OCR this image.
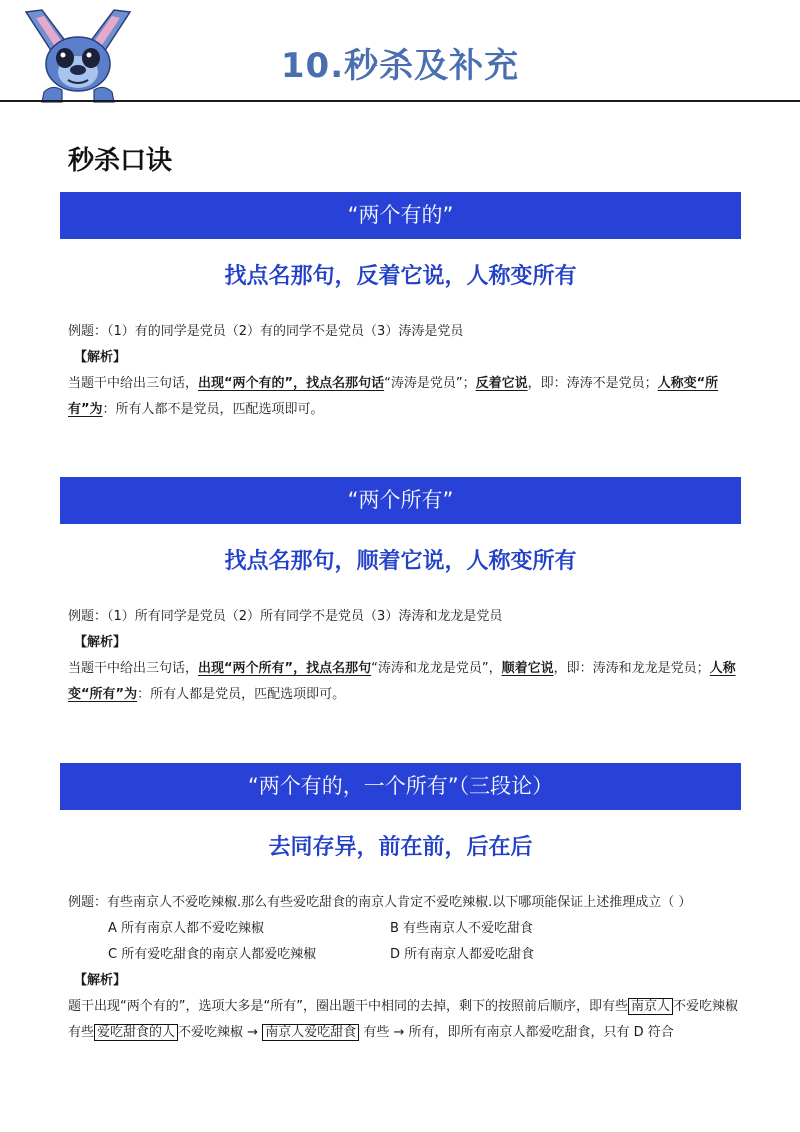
10.秒杀及补充
秒杀口诀
“两个有的”
找点名那句，反着它说，人称变所有
例题：（1）有的同学是党员（2）有的同学不是党员（3）涛涛是党员
【解析】
当题干中给出三句话，出现“两个有的”，找点名那句话“涛涛是党员”；反着它说，即：涛涛不是党员；人称变“所有”为：所有人都不是党员，匹配选项即可。
“两个所有”
找点名那句，顺着它说，人称变所有
例题：（1）所有同学是党员（2）所有同学不是党员（3）涛涛和龙龙是党员
【解析】
当题干中给出三句话，出现“两个所有”，找点名那句“涛涛和龙龙是党员”，顺着它说，即：涛涛和龙龙是党员；人称变“所有”为：所有人都是党员，匹配选项即可。
“两个有的，一个所有”（三段论）
去同存异，前在前，后在后
例题：有些南京人不爱吃辣椒.那么有些爱吃甜食的南京人肯定不爱吃辣椒.以下哪项能保证上述推理成立（ ）
A 所有南京人都不爱吃辣椒	B 有些南京人不爱吃甜食
C 所有爱吃甜食的南京人都爱吃辣椒	D 所有南京人都爱吃甜食
【解析】
题干出现“两个有的”，选项大多是“所有”，圈出题干中相同的去掉，剩下的按照前后顺序，即有些 南京人 不爱吃辣椒 有些 爱吃甜食的人 不爱吃辣椒 → 南京人爱吃甜食 有些 → 所有，即所有南京人都爱吃甜食，只有 D 符合
